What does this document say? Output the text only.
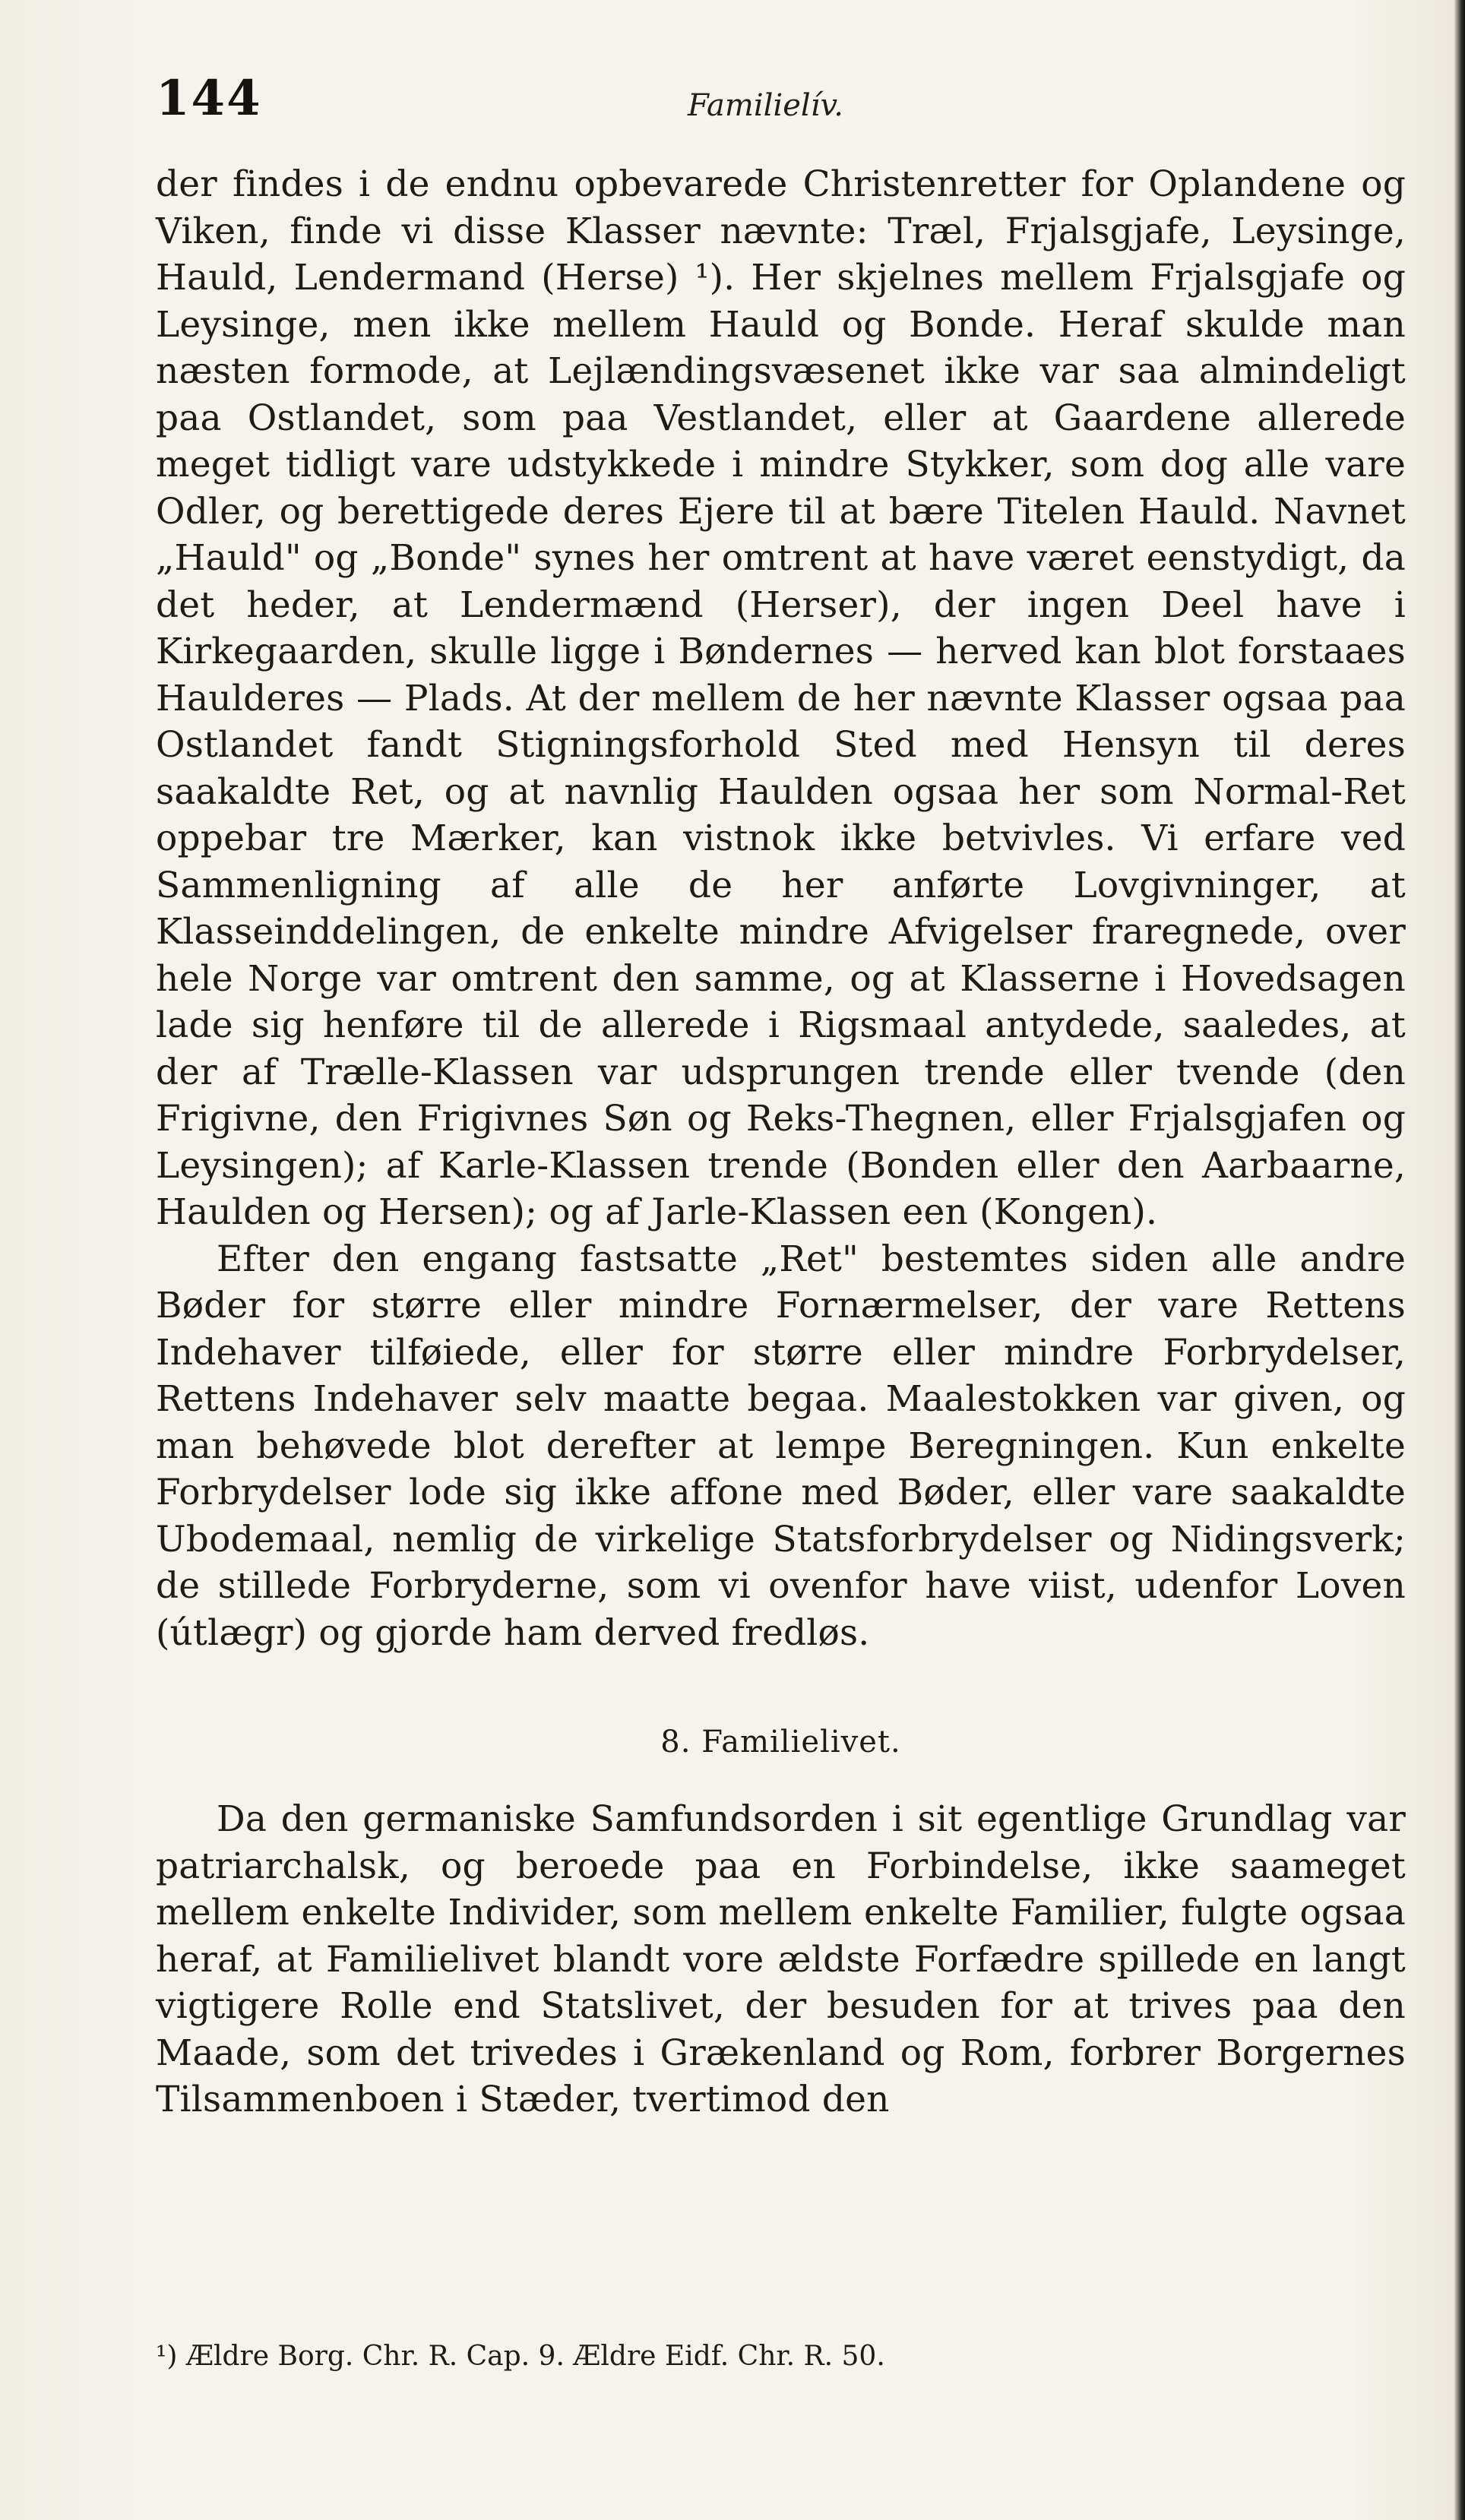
144	Familielív.

der findes i de endnu opbevarede Christenretter for Oplandene og Viken, finde vi disse Klasser nævnte: Træl, Frjalsgjafe, Leysinge, Hauld, Lendermand (Herse) ¹). Her skjelnes mellem Frjalsgjafe og Leysinge, men ikke mellem Hauld og Bonde. Heraf skulde man næsten formode, at Lejlændingsvæsenet ikke var saa almindeligt paa Ostlandet, som paa Vestlandet, eller at Gaardene allerede meget tidligt vare udstykkede i mindre Stykker, som dog alle vare Odler, og berettigede deres Ejere til at bære Titelen Hauld. Navnet „Hauld" og „Bonde" synes her omtrent at have været eenstydigt, da det heder, at Lendermænd (Herser), der ingen Deel have i Kirkegaarden, skulle ligge i Bøndernes — herved kan blot forstaaes Haulderes — Plads. At der mellem de her nævnte Klasser ogsaa paa Ostlandet fandt Stigningsforhold Sted med Hensyn til deres saakaldte Ret, og at navnlig Haulden ogsaa her som Normal-Ret oppebar tre Mærker, kan vistnok ikke betvivles. Vi erfare ved Sammenligning af alle de her anførte Lovgivninger, at Klasseinddelingen, de enkelte mindre Afvigelser fraregnede, over hele Norge var omtrent den samme, og at Klasserne i Hovedsagen lade sig henføre til de allerede i Rigsmaal antydede, saaledes, at der af Trælle-Klassen var udsprungen trende eller tvende (den Frigivne, den Frigivnes Søn og Reks-Thegnen, eller Frjalsgjafen og Leysingen); af Karle-Klassen trende (Bonden eller den Aarbaarne, Haulden og Hersen); og af Jarle-Klassen een (Kongen).

Efter den engang fastsatte „Ret" bestemtes siden alle andre Bøder for større eller mindre Fornærmelser, der vare Rettens Indehaver tilføiede, eller for større eller mindre Forbrydelser, Rettens Indehaver selv maatte begaa. Maalestokken var given, og man behøvede blot derefter at lempe Beregningen. Kun enkelte Forbrydelser lode sig ikke affone med Bøder, eller vare saakaldte Ubodemaal, nemlig de virkelige Statsforbrydelser og Nidingsverk; de stillede Forbryderne, som vi ovenfor have viist, udenfor Loven (útlægr) og gjorde ham derved fredløs.

8. Familielivet.

Da den germaniske Samfundsorden i sit egentlige Grundlag var patriarchalsk, og beroede paa en Forbindelse, ikke saameget mellem enkelte Individer, som mellem enkelte Familier, fulgte ogsaa heraf, at Familielivet blandt vore ældste Forfædre spillede en langt vigtigere Rolle end Statslivet, der besuden for at trives paa den Maade, som det trivedes i Grækenland og Rom, forbrer Borgernes Tilsammenboen i Stæder, tvertimod den

¹) Ældre Borg. Chr. R. Cap. 9. Ældre Eidf. Chr. R. 50.
